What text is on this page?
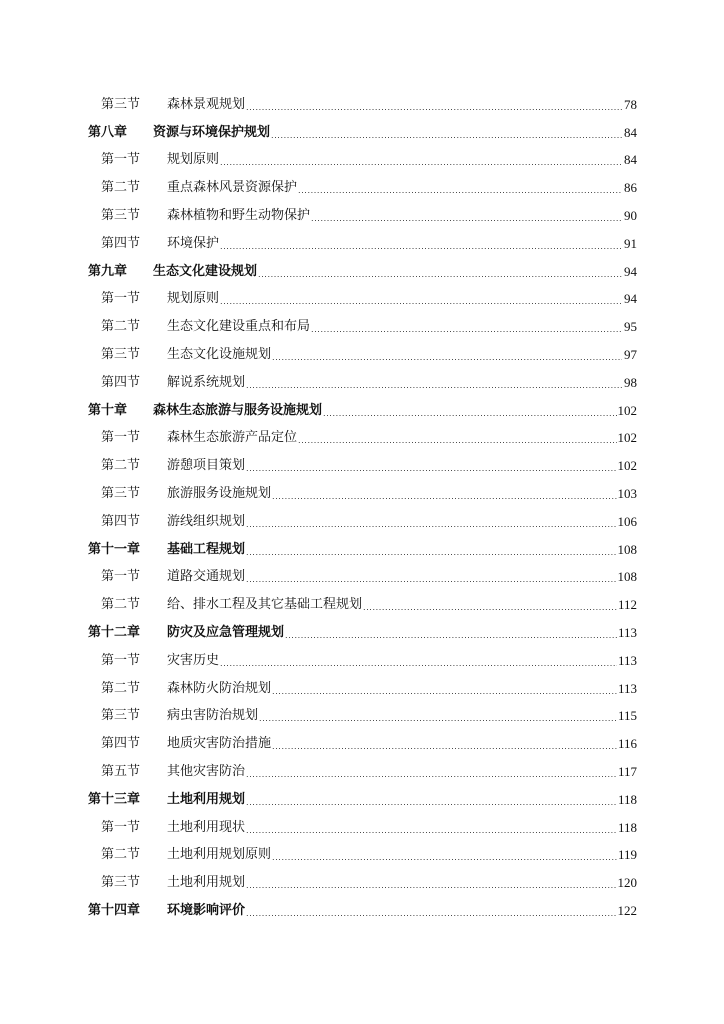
第三节	森林景观规划 .....	78
第八章	资源与环境保护规划 .....	84
第一节	规划原则 .....	84
第二节	重点森林风景资源保护 .....	86
第三节	森林植物和野生动物保护 .....	90
第四节	环境保护 .....	91
第九章	生态文化建设规划 .....	94
第一节	规划原则 .....	94
第二节	生态文化建设重点和布局 .....	95
第三节	生态文化设施规划 .....	97
第四节	解说系统规划 .....	98
第十章	森林生态旅游与服务设施规划 .....	102
第一节	森林生态旅游产品定位 .....	102
第二节	游憩项目策划 .....	102
第三节	旅游服务设施规划 .....	103
第四节	游线组织规划 .....	106
第十一章	基础工程规划 .....	108
第一节	道路交通规划 .....	108
第二节	给、排水工程及其它基础工程规划 .....	112
第十二章	防灾及应急管理规划 .....	113
第一节	灾害历史 .....	113
第二节	森林防火防治规划 .....	113
第三节	病虫害防治规划 .....	115
第四节	地质灾害防治措施 .....	116
第五节	其他灾害防治 .....	117
第十三章	土地利用规划 .....	118
第一节	土地利用现状 .....	118
第二节	土地利用规划原则 .....	119
第三节	土地利用规划 .....	120
第十四章	环境影响评价 .....	122
